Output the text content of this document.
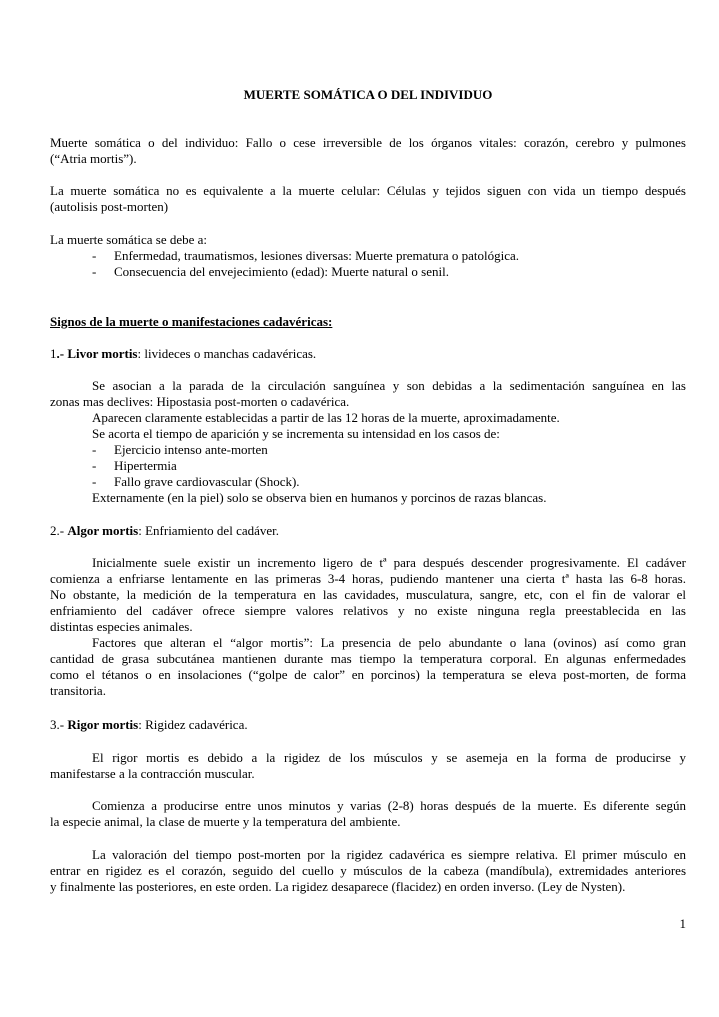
MUERTE SOMÁTICA O DEL INDIVIDUO
Muerte somática o del individuo: Fallo o cese irreversible de los órganos vitales: corazón, cerebro y pulmones
(“Atria mortis”).
La muerte somática no es equivalente a la muerte celular: Células y tejidos siguen con vida un tiempo después
(autolisis post-morten)
La muerte somática se debe a:
- Enfermedad, traumatismos, lesiones diversas: Muerte prematura o patológica.
- Consecuencia del envejecimiento (edad): Muerte natural o senil.
Signos de la muerte o manifestaciones cadavéricas:
1.- Livor mortis: livideces o manchas cadavéricas.
Se asocian a la parada de la circulación sanguínea y son debidas a la sedimentación sanguínea en las
zonas mas declives: Hipostasia post-morten o cadavérica.
Aparecen claramente establecidas a partir de las 12 horas de la muerte, aproximadamente.
Se acorta el tiempo de aparición y se incrementa su intensidad en los casos de:
- Ejercicio intenso ante-morten
- Hipertermia
- Fallo grave cardiovascular (Shock).
Externamente (en la piel) solo se observa bien en humanos y porcinos de razas blancas.
2.- Algor mortis: Enfriamiento del cadáver.
Inicialmente suele existir un incremento ligero de tª para después descender progresivamente. El cadáver
comienza a enfriarse lentamente en las primeras 3-4 horas, pudiendo mantener una cierta tª hasta las 6-8 horas.
No obstante, la medición de la temperatura en las cavidades, musculatura, sangre, etc, con el fin de valorar el
enfriamiento del cadáver ofrece siempre valores relativos y no existe ninguna regla preestablecida en las
distintas especies animales.
Factores que alteran el “algor mortis”: La presencia de pelo abundante o lana (ovinos) así como gran
cantidad de grasa subcutánea mantienen durante mas tiempo la temperatura corporal. En algunas enfermedades
como el tétanos o en insolaciones (“golpe de calor” en porcinos) la temperatura se eleva post-morten, de forma
transitoria.
3.- Rigor mortis: Rigidez cadavérica.
El rigor mortis es debido a la rigidez de los músculos y se asemeja en la forma de producirse y
manifestarse a la contracción muscular.
Comienza a producirse entre unos minutos y varias (2-8) horas después de la muerte. Es diferente según
la especie animal, la clase de muerte y la temperatura del ambiente.
La valoración del tiempo post-morten por la rigidez cadavérica es siempre relativa. El primer músculo en
entrar en rigidez es el corazón, seguido del cuello y músculos de la cabeza (mandíbula), extremidades anteriores
y finalmente las posteriores, en este orden. La rigidez desaparece (flacidez) en orden inverso. (Ley de Nysten).
1
